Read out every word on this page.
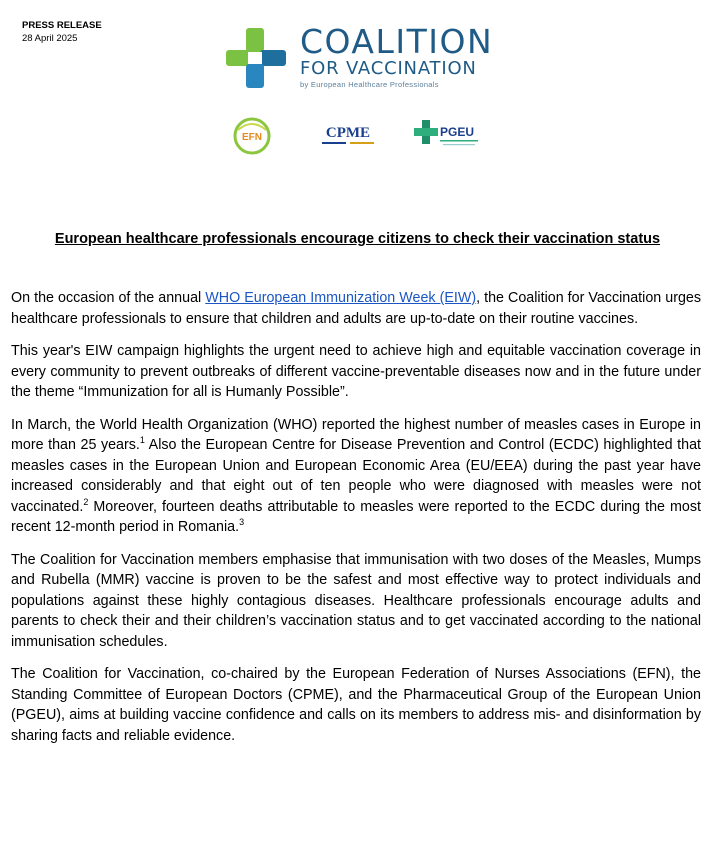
PRESS RELEASE
28 April 2025	COALITION
FOR VACCINATION
by European Healthcare Professionals
EFN	CPME	PGEU
European healthcare professionals encourage citizens to check their vaccination status

On the occasion of the annual WHO European Immunization Week (EIW), the Coalition for Vaccination urges healthcare professionals to ensure that children and adults are up-to-date on their routine vaccines.

This year's EIW campaign highlights the urgent need to achieve high and equitable vaccination coverage in every community to prevent outbreaks of different vaccine-preventable diseases now and in the future under the theme “Immunization for all is Humanly Possible”.

In March, the World Health Organization (WHO) reported the highest number of measles cases in Europe in more than 25 years.$^1$ Also the European Centre for Disease Prevention and Control (ECDC) highlighted that measles cases in the European Union and European Economic Area (EU/EEA) during the past year have increased considerably and that eight out of ten people who were diagnosed with measles were not vaccinated.$^2$ Moreover, fourteen deaths attributable to measles were reported to the ECDC during the most recent 12-month period in Romania.$^3$

The Coalition for Vaccination members emphasise that immunisation with two doses of the Measles, Mumps and Rubella (MMR) vaccine is proven to be the safest and most effective way to protect individuals and populations against these highly contagious diseases. Healthcare professionals encourage adults and parents to check their and their children’s vaccination status and to get vaccinated according to the national immunisation schedules.

The Coalition for Vaccination, co-chaired by the European Federation of Nurses Associations (EFN), the Standing Committee of European Doctors (CPME), and the Pharmaceutical Group of the European Union (PGEU), aims at building vaccine confidence and calls on its members to address mis- and disinformation by sharing facts and reliable evidence.
